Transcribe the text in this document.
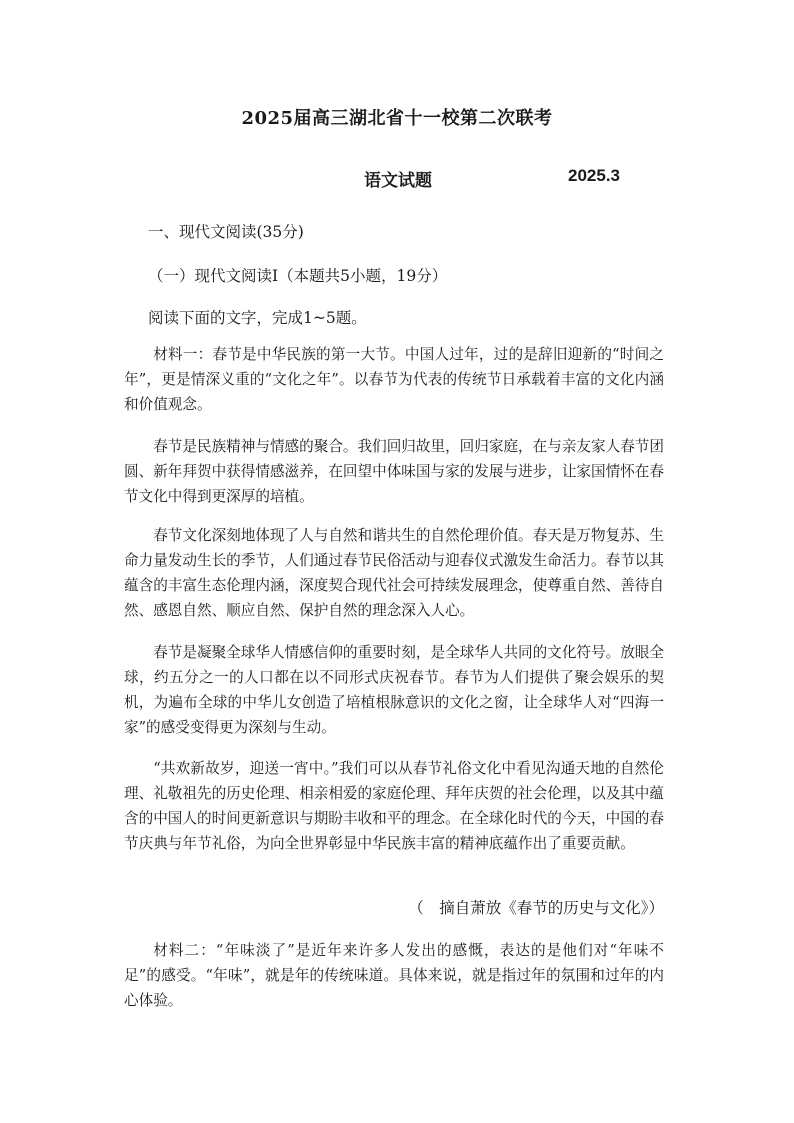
2025届高三湖北省十一校第二次联考
语文试题	2025.3
一、现代文阅读(35分)
（一）现代文阅读Ⅰ（本题共5小题，19分）
阅读下面的文字，完成1~5题。

材料一：春节是中华民族的第一大节。中国人过年，过的是辞旧迎新的“时间之年”，更是情深义重的“文化之年”。以春节为代表的传统节日承载着丰富的文化内涵和价值观念。

春节是民族精神与情感的聚合。我们回归故里，回归家庭，在与亲友家人春节团圆、新年拜贺中获得情感滋养，在回望中体味国与家的发展与进步，让家国情怀在春节文化中得到更深厚的培植。

春节文化深刻地体现了人与自然和谐共生的自然伦理价值。春天是万物复苏、生命力量发动生长的季节，人们通过春节民俗活动与迎春仪式激发生命活力。春节以其蕴含的丰富生态伦理内涵，深度契合现代社会可持续发展理念，使尊重自然、善待自然、感恩自然、顺应自然、保护自然的理念深入人心。

春节是凝聚全球华人情感信仰的重要时刻，是全球华人共同的文化符号。放眼全球，约五分之一的人口都在以不同形式庆祝春节。春节为人们提供了聚会娱乐的契机，为遍布全球的中华儿女创造了培植根脉意识的文化之窗，让全球华人对“四海一家”的感受变得更为深刻与生动。

“共欢新故岁，迎送一宵中。”我们可以从春节礼俗文化中看见沟通天地的自然伦理、礼敬祖先的历史伦理、相亲相爱的家庭伦理、拜年庆贺的社会伦理，以及其中蕴含的中国人的时间更新意识与期盼丰收和平的理念。在全球化时代的今天，中国的春节庆典与年节礼俗，为向全世界彰显中华民族丰富的精神底蕴作出了重要贡献。

（　摘自萧放《春节的历史与文化》）

材料二：“年味淡了”是近年来许多人发出的感慨，表达的是他们对“年味不足”的感受。“年味”，就是年的传统味道。具体来说，就是指过年的氛围和过年的内心体验。
